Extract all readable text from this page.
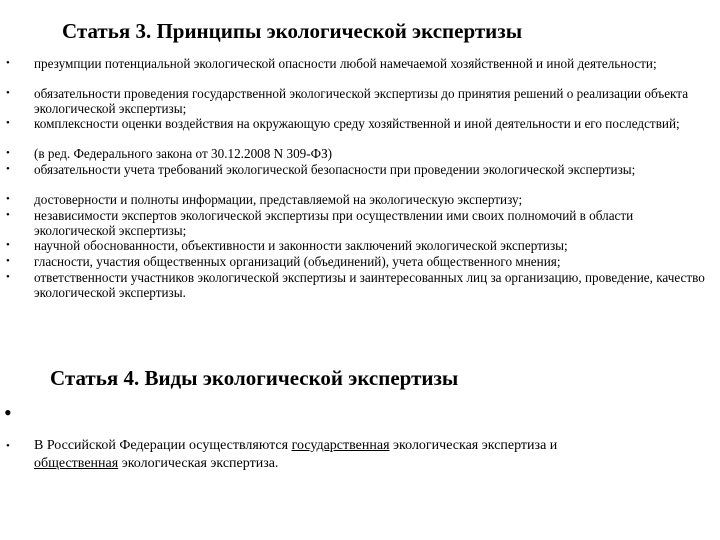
Статья 3. Принципы экологической экспертизы
• презумпции потенциальной экологической опасности любой намечаемой хозяйственной и иной деятельности;
• обязательности проведения государственной экологической экспертизы до принятия решений о реализации объекта экологической экспертизы;
• комплексности оценки воздействия на окружающую среду хозяйственной и иной деятельности и его последствий;
• (в ред. Федерального закона от 30.12.2008 N 309-ФЗ)
• обязательности учета требований экологической безопасности при проведении экологической экспертизы;
• достоверности и полноты информации, представляемой на экологическую экспертизу;
• независимости экспертов экологической экспертизы при осуществлении ими своих полномочий в области экологической экспертизы;
• научной обоснованности, объективности и законности заключений экологической экспертизы;
• гласности, участия общественных организаций (объединений), учета общественного мнения;
• ответственности участников экологической экспертизы и заинтересованных лиц за организацию, проведение, качество экологической экспертизы.
Статья 4. Виды экологической экспертизы
•
• В Российской Федерации осуществляются государственная экологическая экспертиза и
общественная экологическая экспертиза.
